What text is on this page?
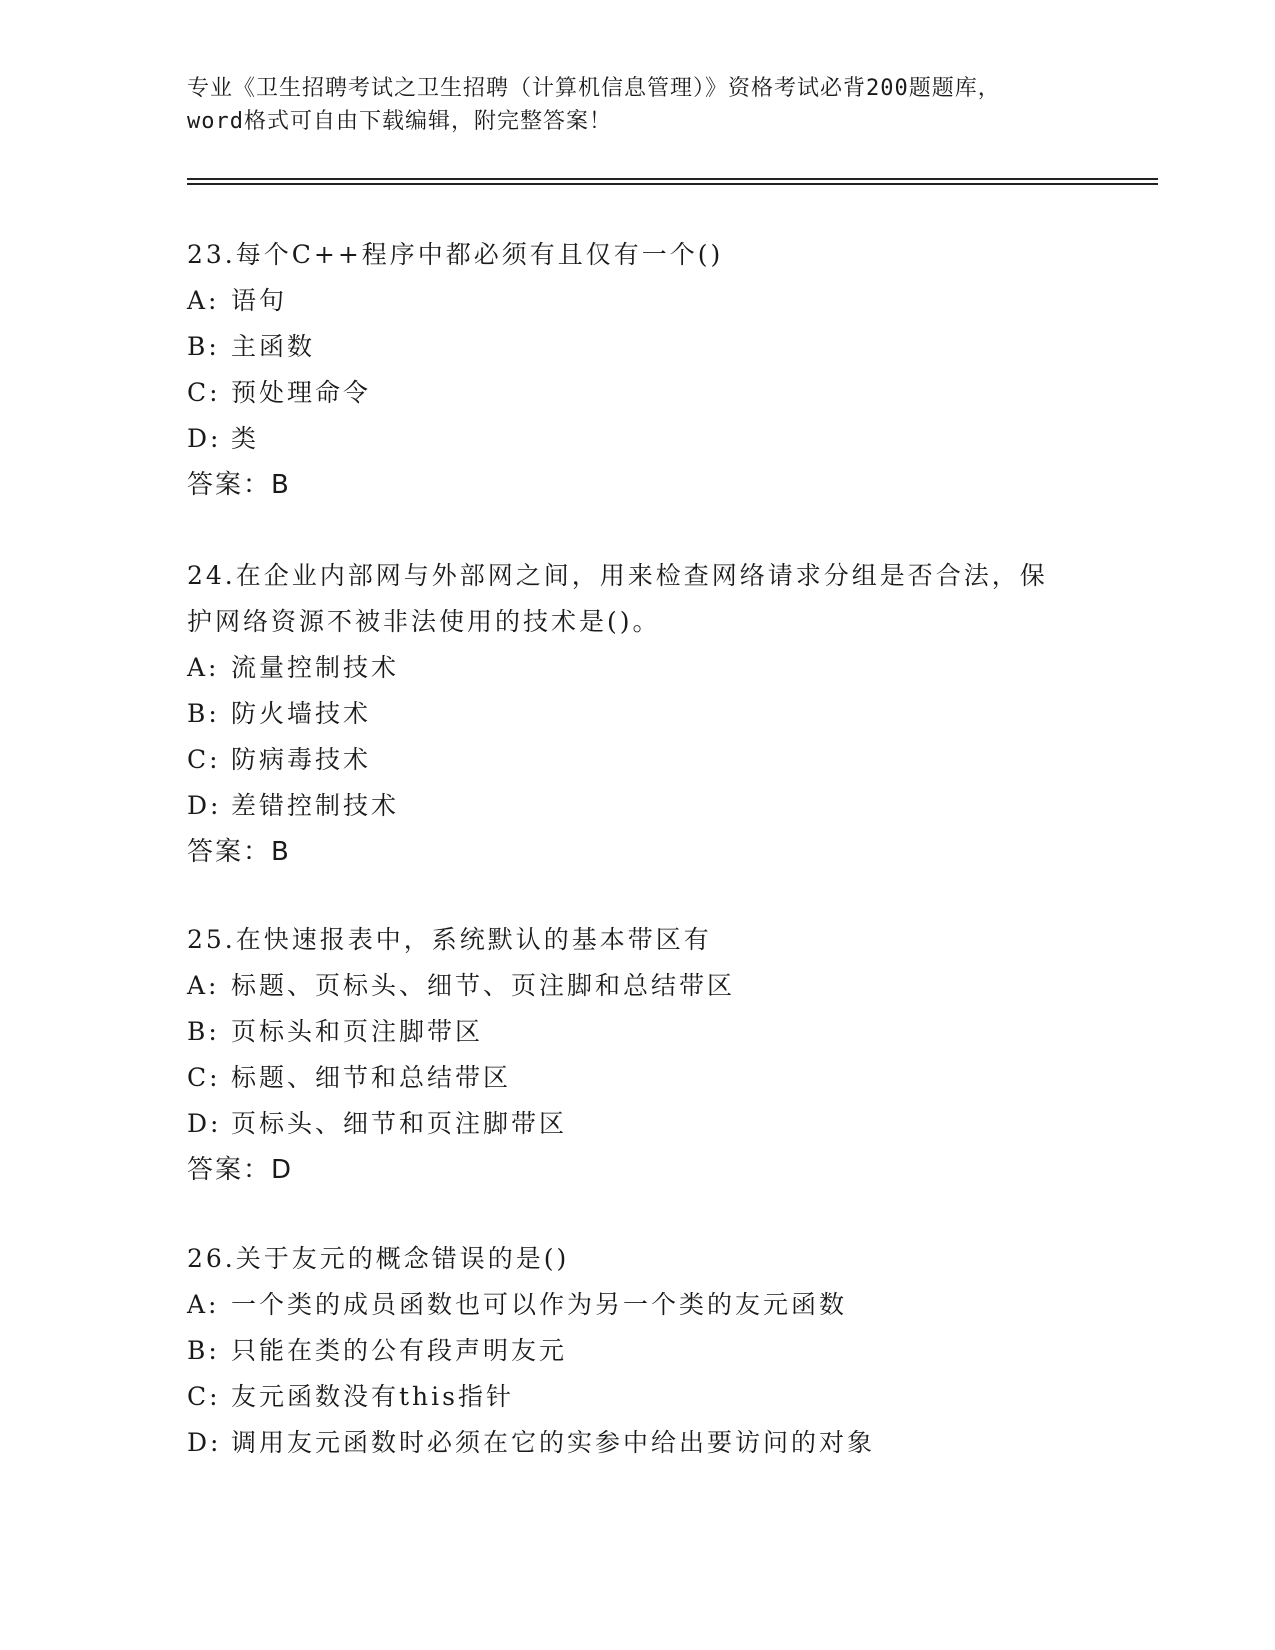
专业《卫生招聘考试之卫生招聘（计算机信息管理）》资格考试必背200题题库，
word格式可自由下载编辑，附完整答案！
23.每个C++程序中都必须有且仅有一个()
A: 语句
B: 主函数
C: 预处理命令
D: 类
答案：B
24.在企业内部网与外部网之间，用来检查网络请求分组是否合法，保
护网络资源不被非法使用的技术是()。
A: 流量控制技术
B: 防火墙技术
C: 防病毒技术
D: 差错控制技术
答案：B
25.在快速报表中，系统默认的基本带区有
A: 标题、页标头、细节、页注脚和总结带区
B: 页标头和页注脚带区
C: 标题、细节和总结带区
D: 页标头、细节和页注脚带区
答案：D
26.关于友元的概念错误的是()
A: 一个类的成员函数也可以作为另一个类的友元函数
B: 只能在类的公有段声明友元
C: 友元函数没有this指针
D: 调用友元函数时必须在它的实参中给出要访问的对象
